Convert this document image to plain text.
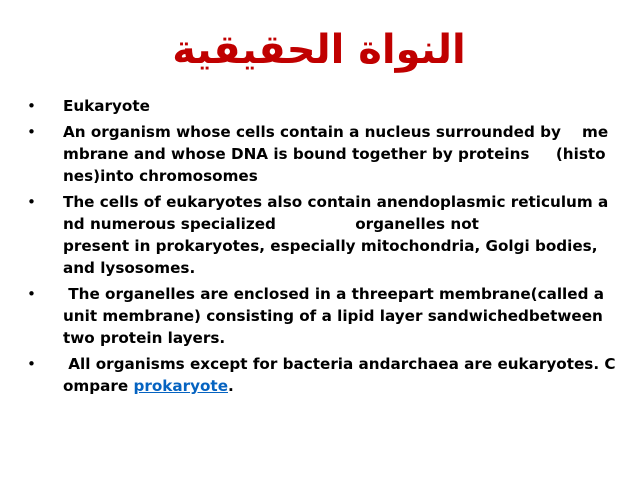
النواة الحقيقية
• Eukaryote
• An organism whose cells contain a nucleus surrounded by    me
mbrane and whose DNA is bound together by proteins     (histo
nes)into chromosomes
• The cells of eukaryotes also contain anendoplasmic reticulum a
nd numerous specialized               organelles not
present in prokaryotes, especially mitochondria, Golgi bodies,
and lysosomes.
• The organelles are enclosed in a threepart membrane(called a
unit membrane) consisting of a lipid layer sandwichedbetween
two protein layers.
• All organisms except for bacteria andarchaea are eukaryotes. C
ompare prokaryote.
